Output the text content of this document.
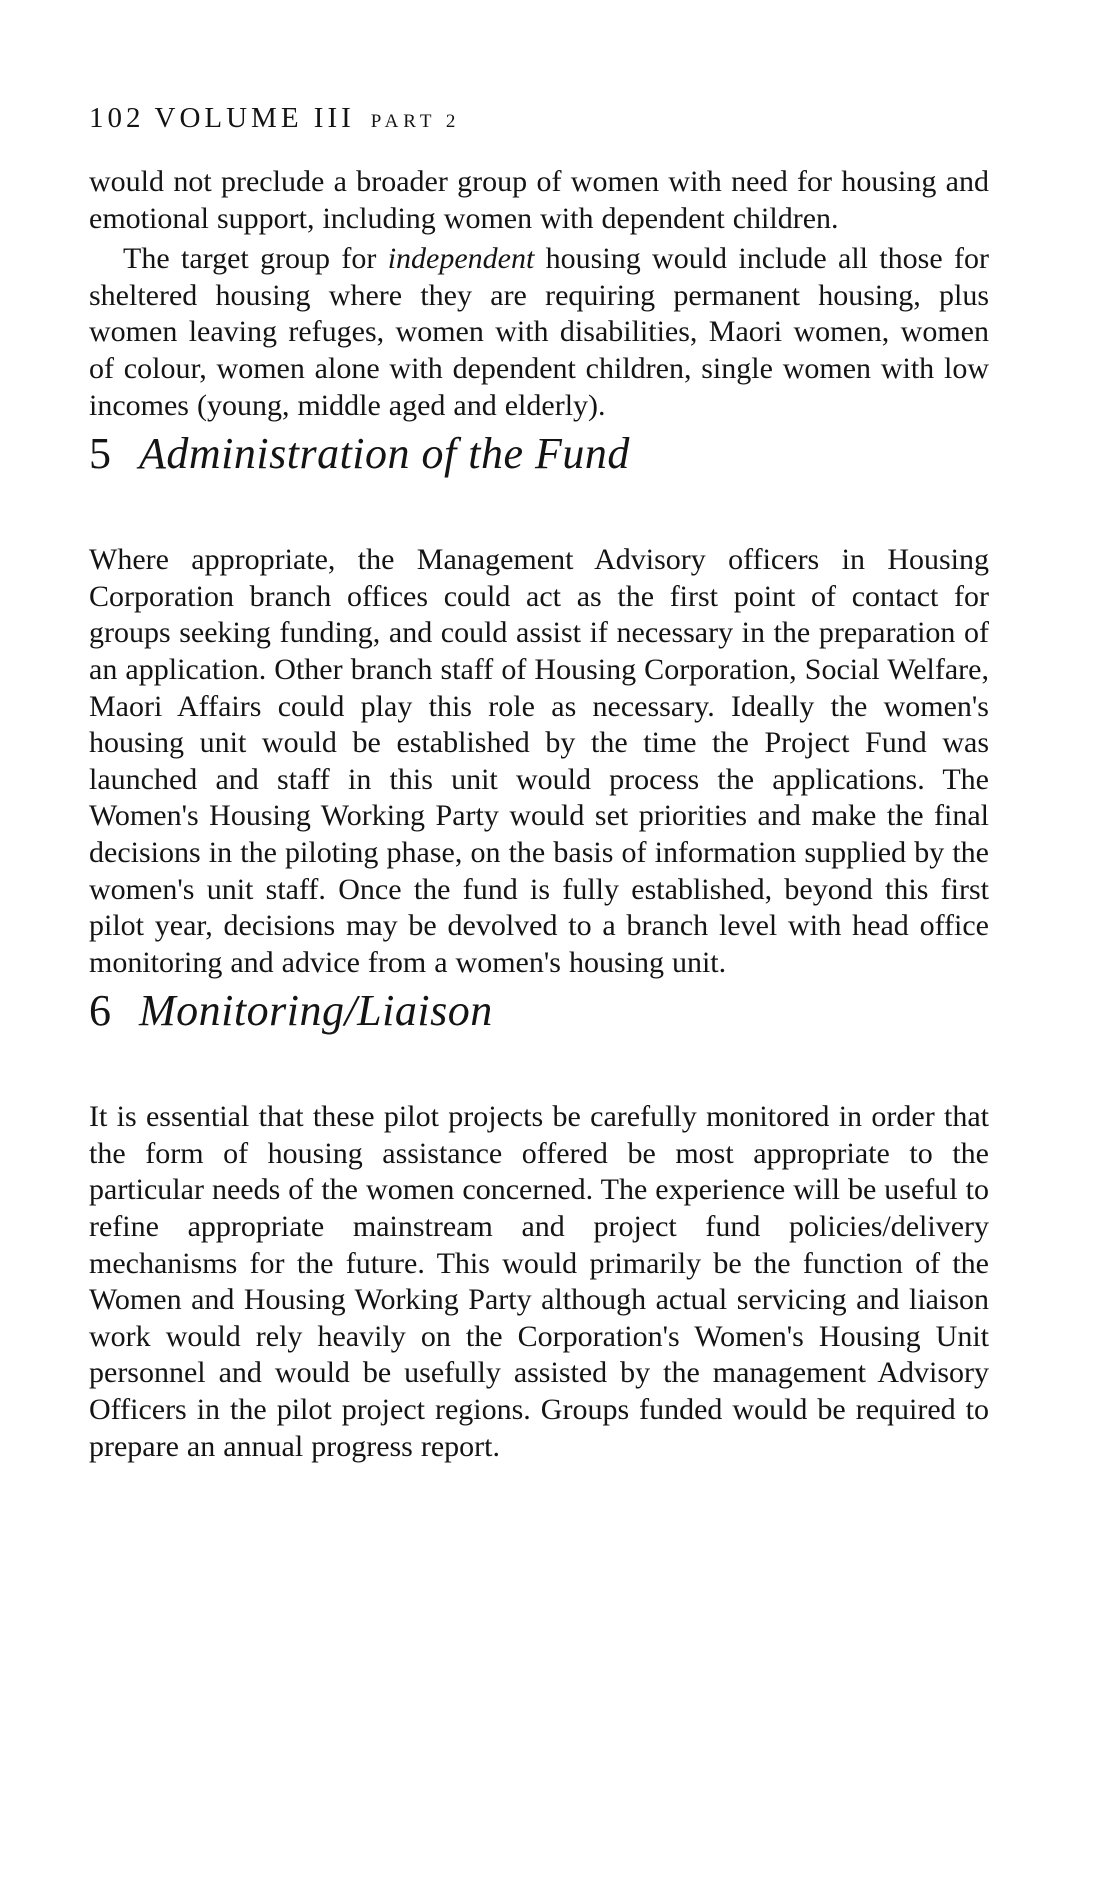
102 VOLUME III PART 2

would not preclude a broader group of women with need for housing and emotional support, including women with dependent children.

The target group for independent housing would include all those for sheltered housing where they are requiring permanent housing, plus women leaving refuges, women with disabilities, Maori women, women of colour, women alone with dependent children, single women with low incomes (young, middle aged and elderly).

5 Administration of the Fund

Where appropriate, the Management Advisory officers in Housing Corporation branch offices could act as the first point of contact for groups seeking funding, and could assist if necessary in the preparation of an application. Other branch staff of Housing Corporation, Social Welfare, Maori Affairs could play this role as necessary. Ideally the women's housing unit would be established by the time the Project Fund was launched and staff in this unit would process the applications. The Women's Housing Working Party would set priorities and make the final decisions in the piloting phase, on the basis of information supplied by the women's unit staff. Once the fund is fully established, beyond this first pilot year, decisions may be devolved to a branch level with head office monitoring and advice from a women's housing unit.

6 Monitoring/Liaison

It is essential that these pilot projects be carefully monitored in order that the form of housing assistance offered be most appropriate to the particular needs of the women concerned. The experience will be useful to refine appropriate mainstream and project fund policies/delivery mechanisms for the future. This would primarily be the function of the Women and Housing Working Party although actual servicing and liaison work would rely heavily on the Corporation's Women's Housing Unit personnel and would be usefully assisted by the management Advisory Officers in the pilot project regions. Groups funded would be required to prepare an annual progress report.
